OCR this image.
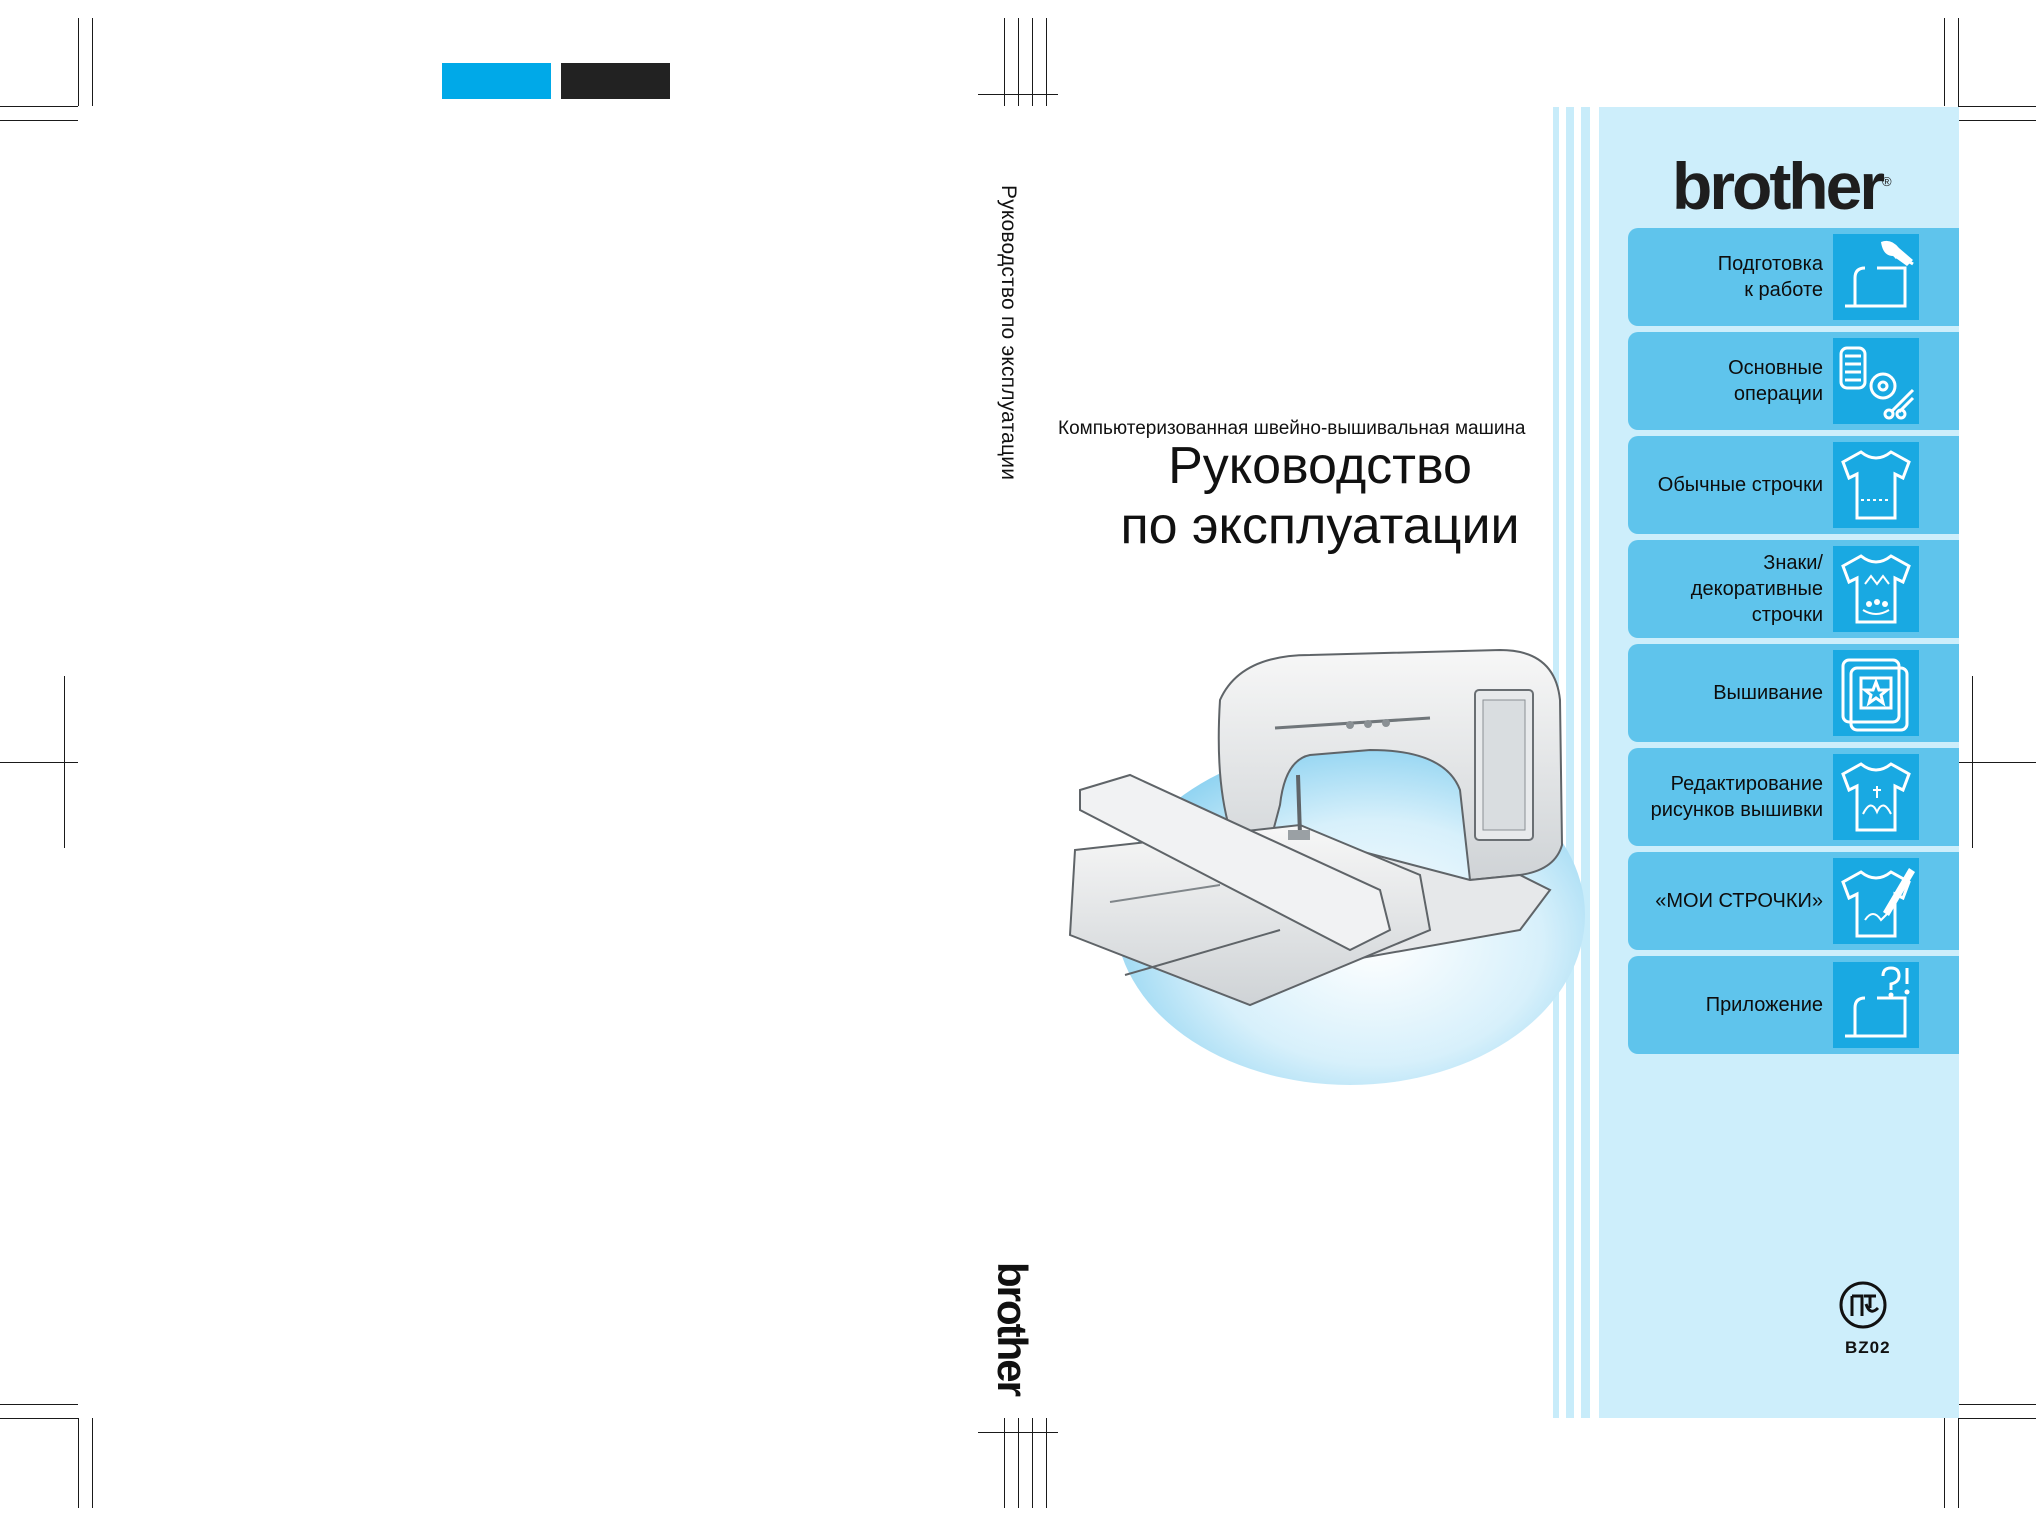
Руководство по эксплуатации
brother
brother®
Компьютеризованная швейно-вышивальная машина
Руководство
по эксплуатации
Подготовка
к работе
Основные
операции
Обычные строчки
Знаки/
декоративные
строчки
Вышивание
Редактирование
рисунков вышивки
«МОИ СТРОЧКИ»
Приложение
BZ02
